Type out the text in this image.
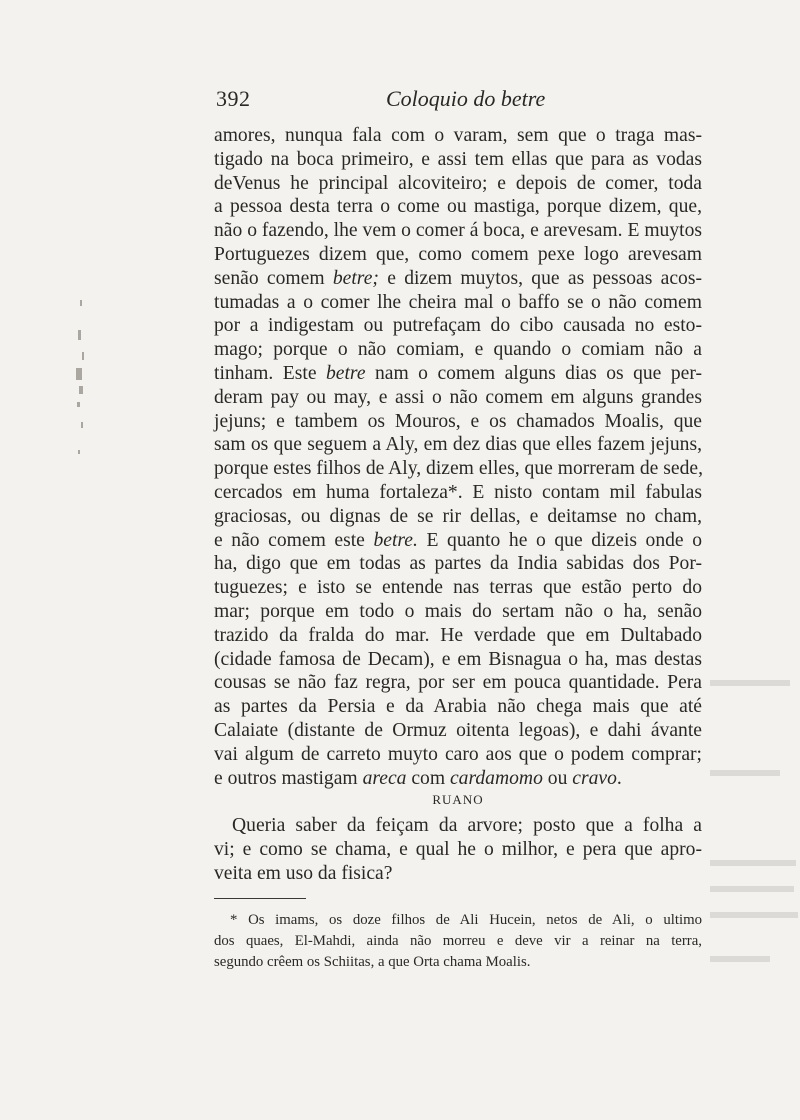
392	Coloquio do betre

amores, nunqua fala com o varam, sem que o traga mas-
tigado na boca primeiro, e assi tem ellas que para as vodas
deVenus he principal alcoviteiro; e depois de comer, toda
a pessoa desta terra o come ou mastiga, porque dizem, que,
não o fazendo, lhe vem o comer á boca, e arevesam. E muytos
Portuguezes dizem que, como comem pexe logo arevesam
senão comem betre; e dizem muytos, que as pessoas acos-
tumadas a o comer lhe cheira mal o baffo se o não comem
por a indigestam ou putrefaçam do cibo causada no esto-
mago; porque o não comiam, e quando o comiam não a
tinham. Este betre nam o comem alguns dias os que per-
deram pay ou may, e assi o não comem em alguns grandes
jejuns; e tambem os Mouros, e os chamados Moalis, que
sam os que seguem a Aly, em dez dias que elles fazem jejuns,
porque estes filhos de Aly, dizem elles, que morreram de sede,
cercados em huma fortaleza*. E nisto contam mil fabulas
graciosas, ou dignas de se rir dellas, e deitamse no cham,
e não comem este betre. E quanto he o que dizeis onde o
ha, digo que em todas as partes da India sabidas dos Por-
tuguezes; e isto se entende nas terras que estão perto do
mar; porque em todo o mais do sertam não o ha, senão
trazido da fralda do mar. He verdade que em Dultabado
(cidade famosa de Decam), e em Bisnagua o ha, mas destas
cousas se não faz regra, por ser em pouca quantidade. Pera
as partes da Persia e da Arabia não chega mais que até
Calaiate (distante de Ormuz oitenta legoas), e dahi ávante
vai algum de carreto muyto caro aos que o podem comprar;
e outros mastigam areca com cardamomo ou cravo.

RUANO

Queria saber da feiçam da arvore; posto que a folha a
vi; e como se chama, e qual he o milhor, e pera que apro-
veita em uso da fisica?

* Os imams, os doze filhos de Ali Hucein, netos de Ali, o ultimo
dos quaes, El-Mahdi, ainda não morreu e deve vir a reinar na terra,
segundo crêem os Schiitas, a que Orta chama Moalis.
